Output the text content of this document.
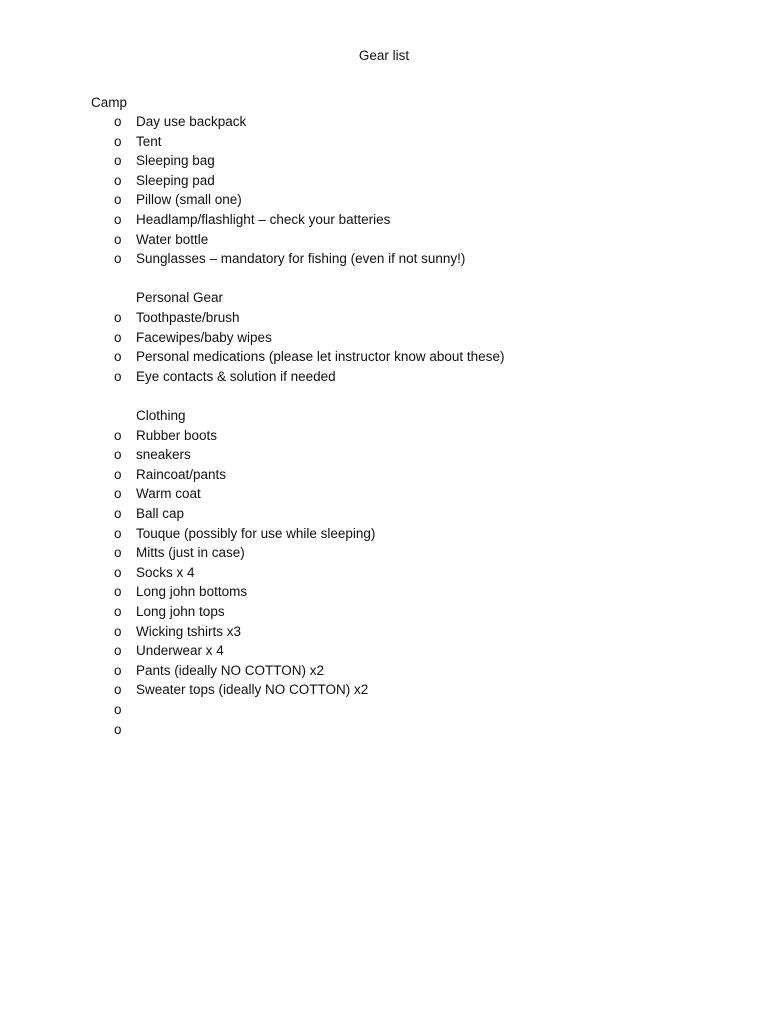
Gear list
Camp
o	Day use backpack
o	Tent
o	Sleeping bag
o	Sleeping pad
o	Pillow (small one)
o	Headlamp/flashlight – check your batteries
o	Water bottle
o	Sunglasses – mandatory for fishing (even if not sunny!)
Personal Gear
o	Toothpaste/brush
o	Facewipes/baby wipes
o	Personal medications (please let instructor know about these)
o	Eye contacts & solution if needed
Clothing
o	Rubber boots
o	sneakers
o	Raincoat/pants
o	Warm coat
o	Ball cap
o	Touque (possibly for use while sleeping)
o	Mitts (just in case)
o	Socks x 4
o	Long john bottoms
o	Long john tops
o	Wicking tshirts x3
o	Underwear x 4
o	Pants (ideally NO COTTON) x2
o	Sweater tops (ideally NO COTTON) x2
o
o
